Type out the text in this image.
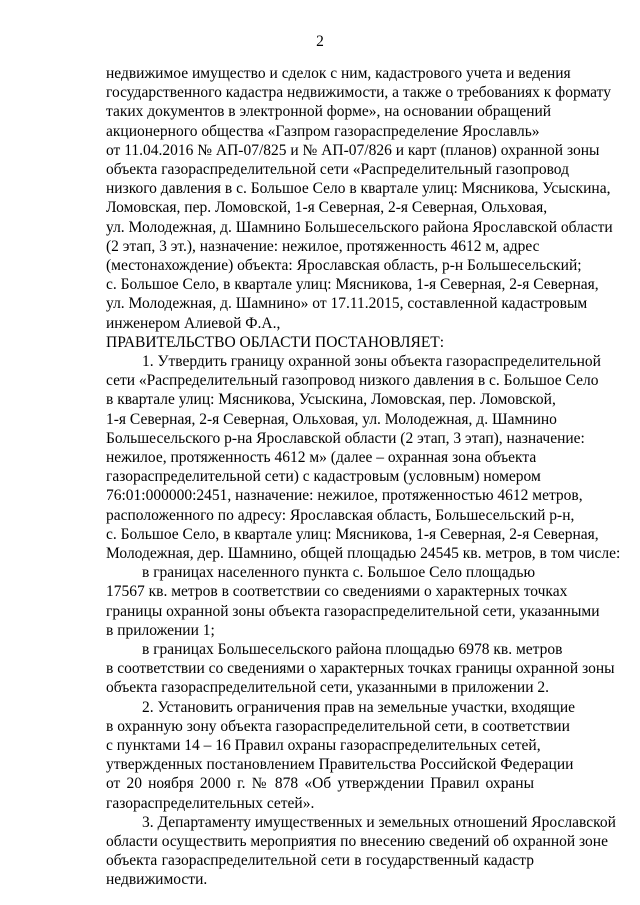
2
недвижимое имущество и сделок с ним, кадастрового учета и ведения
государственного кадастра недвижимости, а также о требованиях к формату
таких документов в электронной форме», на основании обращений
акционерного общества «Газпром газораспределение Ярославль»
от 11.04.2016 № АП-07/825 и № АП-07/826 и карт (планов) охранной зоны
объекта газораспределительной сети «Распределительный газопровод
низкого давления в с. Большое Село в квартале улиц: Мясникова, Усыскина,
Ломовская, пер. Ломовской, 1-я Северная, 2-я Северная, Ольховая,
ул. Молодежная, д. Шамнино Большесельского района Ярославской области
(2 этап, 3 эт.), назначение: нежилое, протяженность 4612 м, адрес
(местонахождение) объекта: Ярославская область, р-н Большесельский;
с. Большое Село, в квартале улиц: Мясникова, 1-я Северная, 2-я Северная,
ул. Молодежная, д. Шамнино» от 17.11.2015, составленной кадастровым
инженером Алиевой Ф.А.,
ПРАВИТЕЛЬСТВО ОБЛАСТИ ПОСТАНОВЛЯЕТ:
1. Утвердить границу охранной зоны объекта газораспределительной
сети «Распределительный газопровод низкого давления в с. Большое Село
в квартале улиц: Мясникова, Усыскина, Ломовская, пер. Ломовской,
1-я Северная, 2-я Северная, Ольховая, ул. Молодежная, д. Шамнино
Большесельского р-на Ярославской области (2 этап, 3 этап), назначение:
нежилое, протяженность 4612 м» (далее – охранная зона объекта
газораспределительной сети) с кадастровым (условным) номером
76:01:000000:2451, назначение: нежилое, протяженностью 4612 метров,
расположенного по адресу: Ярославская область, Большесельский р-н,
с. Большое Село, в квартале улиц: Мясникова, 1-я Северная, 2-я Северная,
Молодежная, дер. Шамнино, общей площадью 24545 кв. метров, в том числе:
в границах населенного пункта с. Большое Село площадью
17567 кв. метров в соответствии со сведениями о характерных точках
границы охранной зоны объекта газораспределительной сети, указанными
в приложении 1;
в границах Большесельского района площадью 6978 кв. метров
в соответствии со сведениями о характерных точках границы охранной зоны
объекта газораспределительной сети, указанными в приложении 2.
2. Установить ограничения прав на земельные участки, входящие
в охранную зону объекта газораспределительной сети, в соответствии
с пунктами 14 – 16 Правил охраны газораспределительных сетей,
утвержденных постановлением Правительства Российской Федерации
от 20 ноября 2000 г. № 878 «Об утверждении Правил охраны
газораспределительных сетей».
3. Департаменту имущественных и земельных отношений Ярославской
области осуществить мероприятия по внесению сведений об охранной зоне
объекта газораспределительной сети в государственный кадастр
недвижимости.
